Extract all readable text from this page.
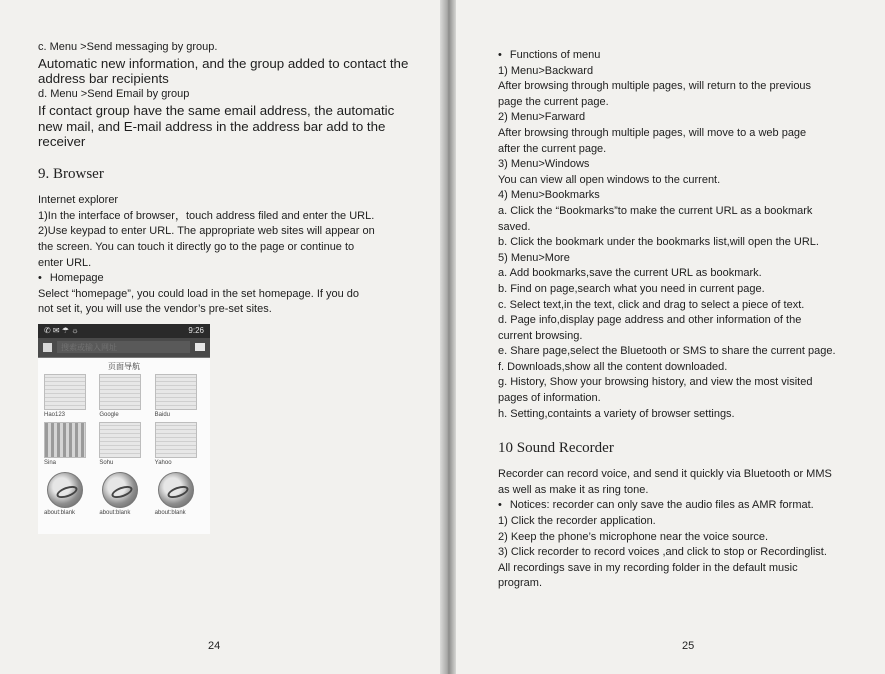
c. Menu >Send messaging by group.

Automatic new information, and the group added to contact the

address bar recipients

d. Menu >Send Email by group

If contact group have the same email address, the automatic

new mail, and E-mail address in the address bar add to the

receiver

9. Browser

Internet explorer

1)In the interface of browser，touch address filed and enter the URL.

2)Use keypad to enter URL. The appropriate web sites will appear on

the screen. You can touch it directly go to the page or continue to

enter URL.

• Homepage

Select “homepage”, you could load in the set homepage. If you do

not set it, you will use the vendor’s pre-set sites.

✆ ✉ ☂ ☼	9:26
搜索或输入网址
页面导航
Hao123	Google	Baidu
Sina	Sohu	Yahoo
about:blank	about:blank	about:blank
24

• Functions of menu

1) Menu>Backward

After browsing through multiple pages, will return to the previous

page the current page.

2) Menu>Farward

After browsing through multiple pages, will move to a web page

after the current page.

3) Menu>Windows

You can view all open windows to the current.

4) Menu>Bookmarks

a. Click the “Bookmarks”to make the current URL as a bookmark

saved.

b. Click the bookmark under the bookmarks list,will open the URL.

5) Menu>More

a. Add bookmarks,save the current URL as bookmark.

b. Find on page,search what you need in current page.

c. Select text,in the text, click and drag to select a piece of text.

d. Page info,display page address and other information of the

current browsing.

e. Share page,select the Bluetooth or SMS to share the current page.

f. Downloads,show all the content downloaded.

g. History, Show your browsing history, and view the most visited

pages of information.

h. Setting,containts a variety of browser settings.

10 Sound Recorder

Recorder can record voice, and send it quickly via Bluetooth or MMS

as well as make it as ring tone.

• Notices: recorder can only save the audio files as AMR format.

1) Click the recorder application.

2) Keep the phone’s microphone near the voice source.

3) Click recorder to record voices ,and click to stop or Recordinglist.

All recordings save in my recording folder in the default music

program.

25
